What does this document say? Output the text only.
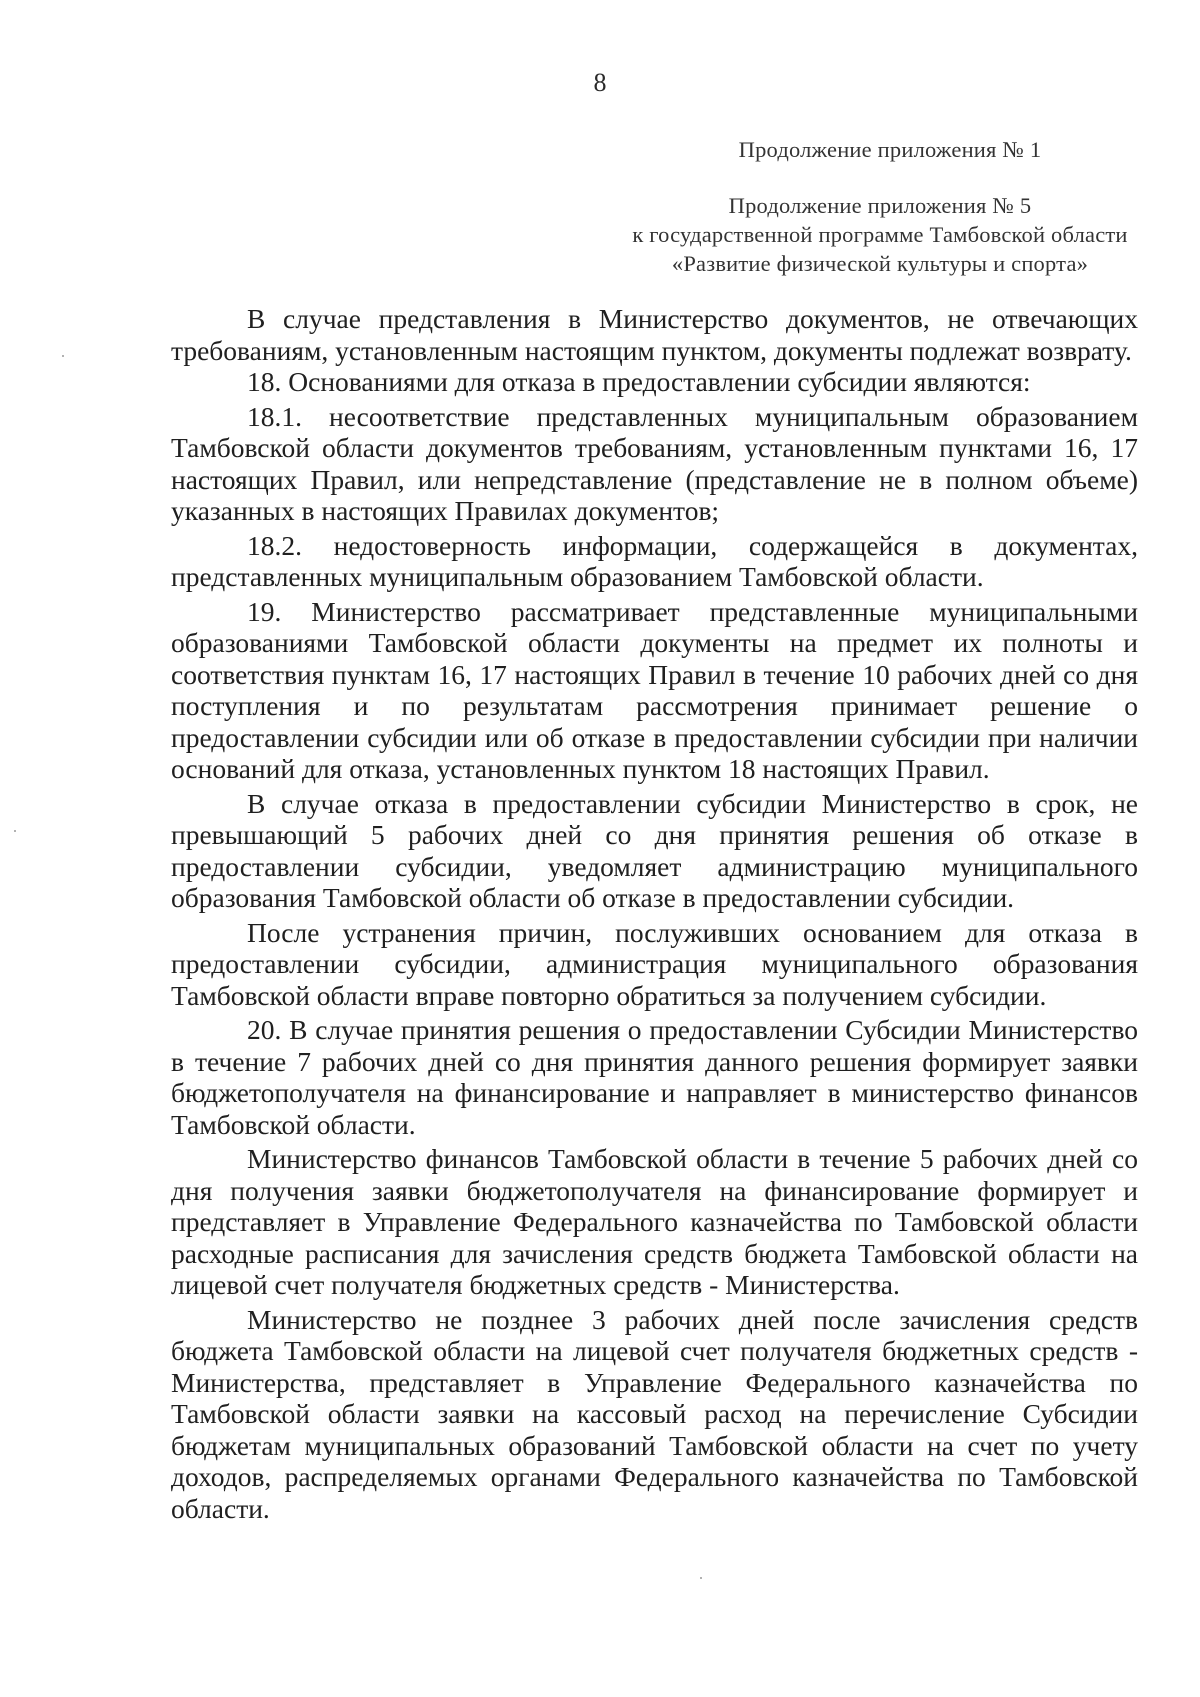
8
Продолжение приложения № 1
Продолжение приложения № 5
к государственной программе Тамбовской области
«Развитие физической культуры и спорта»

В случае представления в Министерство документов, не отвечающих требованиям, установленным настоящим пунктом, документы подлежат возврату.

18. Основаниями для отказа в предоставлении субсидии являются:

18.1. несоответствие представленных муниципальным образованием Тамбовской области документов требованиям, установленным пунктами 16, 17 настоящих Правил, или непредставление (представление не в полном объеме) указанных в настоящих Правилах документов;

18.2. недостоверность информации, содержащейся в документах, представленных муниципальным образованием Тамбовской области.

19. Министерство рассматривает представленные муниципальными образованиями Тамбовской области документы на предмет их полноты и соответствия пунктам 16, 17 настоящих Правил в течение 10 рабочих дней со дня поступления и по результатам рассмотрения принимает решение о предоставлении субсидии или об отказе в предоставлении субсидии при наличии оснований для отказа, установленных пунктом 18 настоящих Правил.

В случае отказа в предоставлении субсидии Министерство в срок, не превышающий 5 рабочих дней со дня принятия решения об отказе в предоставлении субсидии, уведомляет администрацию муниципального образования Тамбовской области об отказе в предоставлении субсидии.

После устранения причин, послуживших основанием для отказа в предоставлении субсидии, администрация муниципального образования Тамбовской области вправе повторно обратиться за получением субсидии.

20. В случае принятия решения о предоставлении Субсидии Министерство в течение 7 рабочих дней со дня принятия данного решения формирует заявки бюджетополучателя на финансирование и направляет в министерство финансов Тамбовской области.

Министерство финансов Тамбовской области в течение 5 рабочих дней со дня получения заявки бюджетополучателя на финансирование формирует и представляет в Управление Федерального казначейства по Тамбовской области расходные расписания для зачисления средств бюджета Тамбовской области на лицевой счет получателя бюджетных средств - Министерства.

Министерство не позднее 3 рабочих дней после зачисления средств бюджета Тамбовской области на лицевой счет получателя бюджетных средств - Министерства, представляет в Управление Федерального казначейства по Тамбовской области заявки на кассовый расход на перечисление Субсидии бюджетам муниципальных образований Тамбовской области на счет по учету доходов, распределяемых органами Федерального казначейства по Тамбовской области.
